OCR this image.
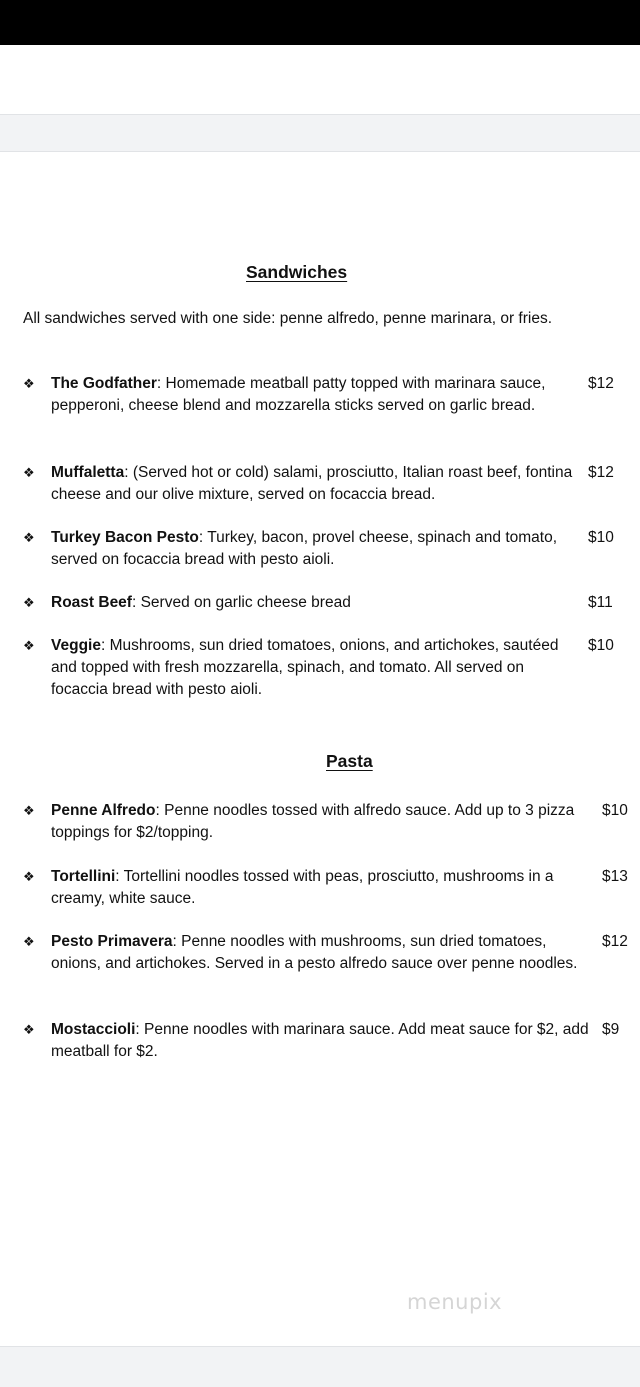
Sandwiches
All sandwiches served with one side: penne alfredo, penne marinara, or fries.
❖ The Godfather: Homemade meatball patty topped with marinara sauce, pepperoni, cheese blend and mozzarella sticks served on garlic bread.
$12
❖ Muffaletta: (Served hot or cold) salami, prosciutto, Italian roast beef, fontina cheese and our olive mixture, served on focaccia bread.
$12
❖ Turkey Bacon Pesto: Turkey, bacon, provel cheese, spinach and tomato, served on focaccia bread with pesto aioli.
$10
❖ Roast Beef: Served on garlic cheese bread	$11
❖ Veggie: Mushrooms, sun dried tomatoes, onions, and artichokes, sautéed and topped with fresh mozzarella, spinach, and tomato. All served on focaccia bread with pesto aioli.
$10
Pasta
❖ Penne Alfredo: Penne noodles tossed with alfredo sauce. Add up to 3 pizza toppings for $2/topping.
$10
❖ Tortellini: Tortellini noodles tossed with peas, prosciutto, mushrooms in a creamy, white sauce.
$13
❖ Pesto Primavera: Penne noodles with mushrooms, sun dried tomatoes, onions, and artichokes. Served in a pesto alfredo sauce over penne noodles.
$12
❖ Mostaccioli: Penne noodles with marinara sauce. Add meat sauce for $2, add meatball for $2.
$9
menupix
